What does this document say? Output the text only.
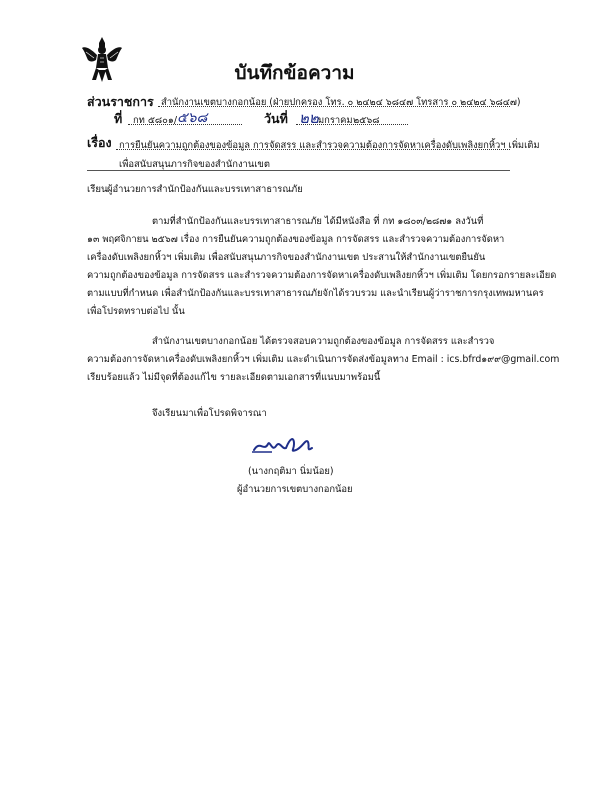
บันทึกข้อความ
ส่วนราชการ สำนักงานเขตบางกอกน้อย (ฝ่ายปกครอง โทร. ๐ ๒๔๒๔ ๖๘๔๗ โทรสาร ๐ ๒๔๒๔ ๖๘๔๗)
ที่ กท ๕๘๐๑/ ๕๖๘	วันที่ ๒๒ มกราคม ๒๕๖๘
เรื่อง การยืนยันความถูกต้องของข้อมูล การจัดสรร และสำรวจความต้องการจัดหาเครื่องดับเพลิงยกหิ้วฯ เพิ่มเติม
เพื่อสนับสนุนภารกิจของสำนักงานเขต
เรียน ผู้อำนวยการสำนักป้องกันและบรรเทาสาธารณภัย
ตามที่สำนักป้องกันและบรรเทาสาธารณภัย ได้มีหนังสือ ที่ กท ๑๘๐๓/๒๘๗๑ ลงวันที่
๑๓ พฤศจิกายน ๒๕๖๗ เรื่อง การยืนยันความถูกต้องของข้อมูล การจัดสรร และสำรวจความต้องการจัดหา
เครื่องดับเพลิงยกหิ้วฯ เพิ่มเติม เพื่อสนับสนุนภารกิจของสำนักงานเขต ประสานให้สำนักงานเขตยืนยัน
ความถูกต้องของข้อมูล การจัดสรร และสำรวจความต้องการจัดหาเครื่องดับเพลิงยกหิ้วฯ เพิ่มเติม โดยกรอกรายละเอียด
ตามแบบที่กำหนด เพื่อสำนักป้องกันและบรรเทาสาธารณภัยจักได้รวบรวม และนำเรียนผู้ว่าราชการกรุงเทพมหานคร
เพื่อโปรดทราบต่อไป นั้น
สำนักงานเขตบางกอกน้อย ได้ตรวจสอบความถูกต้องของข้อมูล การจัดสรร และสำรวจ
ความต้องการจัดหาเครื่องดับเพลิงยกหิ้วฯ เพิ่มเติม และดำเนินการจัดส่งข้อมูลทาง Email : ics.bfrd๑๙๙@gmail.com
เรียบร้อยแล้ว ไม่มีจุดที่ต้องแก้ไข รายละเอียดตามเอกสารที่แนบมาพร้อมนี้
จึงเรียนมาเพื่อโปรดพิจารณา
(นางกฤติมา นิ่มน้อย)
ผู้อำนวยการเขตบางกอกน้อย
